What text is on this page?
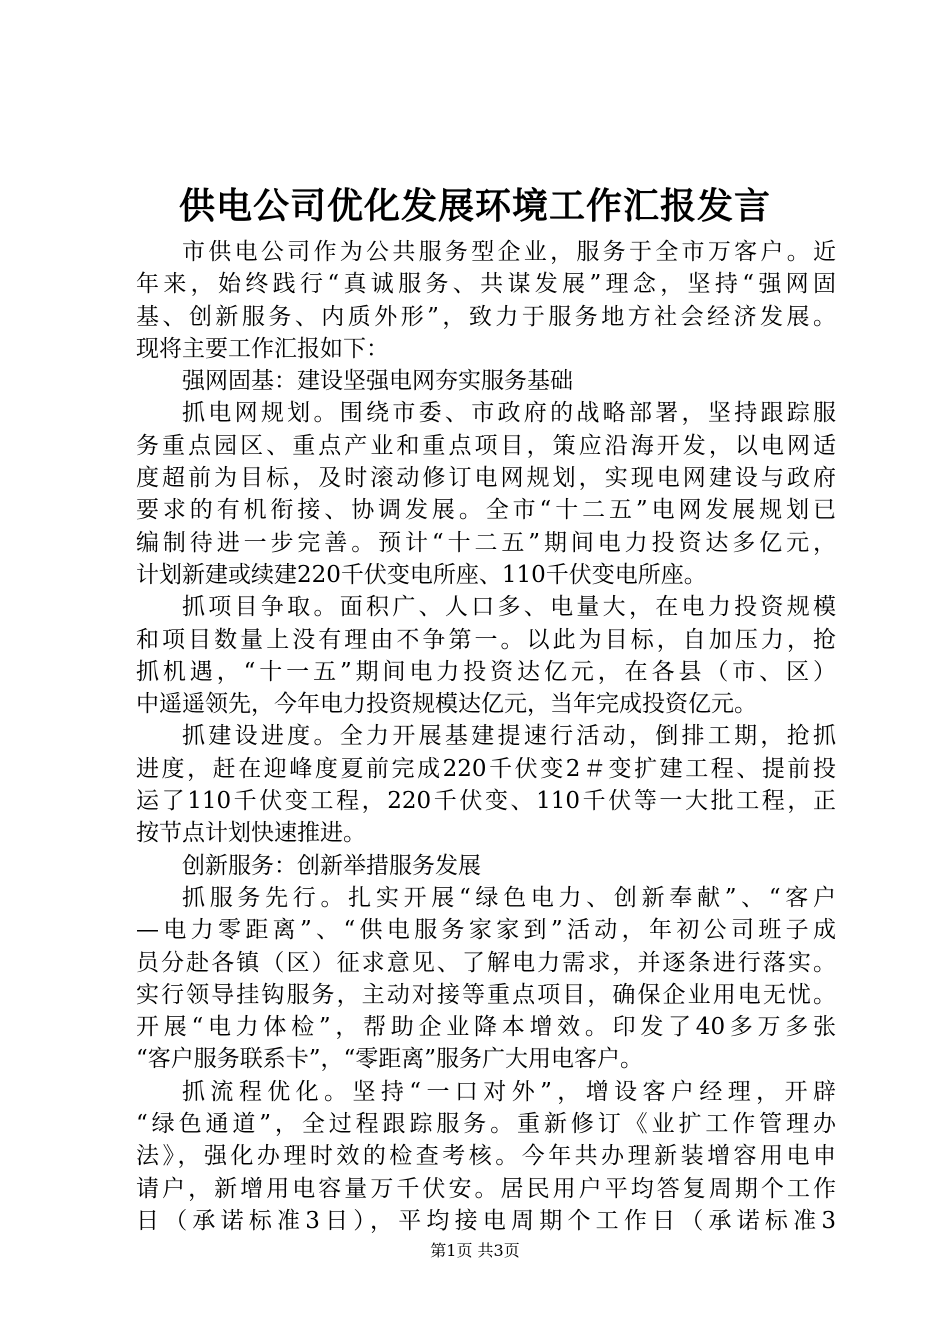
供电公司优化发展环境工作汇报发言
市供电公司作为公共服务型企业，服务于全市万客户。近
年来，始终践行“真诚服务、共谋发展”理念，坚持“强网固
基、创新服务、内质外形”，致力于服务地方社会经济发展。
现将主要工作汇报如下：
强网固基：建设坚强电网夯实服务基础
抓电网规划。围绕市委、市政府的战略部署，坚持跟踪服
务重点园区、重点产业和重点项目，策应沿海开发，以电网适
度超前为目标，及时滚动修订电网规划，实现电网建设与政府
要求的有机衔接、协调发展。全市“十二五”电网发展规划已
编制待进一步完善。预计“十二五”期间电力投资达多亿元，
计划新建或续建220千伏变电所座、110千伏变电所座。
抓项目争取。面积广、人口多、电量大，在电力投资规模
和项目数量上没有理由不争第一。以此为目标，自加压力，抢
抓机遇，“十一五”期间电力投资达亿元，在各县（市、区）
中遥遥领先，今年电力投资规模达亿元，当年完成投资亿元。
抓建设进度。全力开展基建提速行活动，倒排工期，抢抓
进度，赶在迎峰度夏前完成220千伏变2＃变扩建工程、提前投
运了110千伏变工程，220千伏变、110千伏等一大批工程，正
按节点计划快速推进。
创新服务：创新举措服务发展
抓服务先行。扎实开展“绿色电力、创新奉献”、“客户
—电力零距离”、“供电服务家家到”活动，年初公司班子成
员分赴各镇（区）征求意见、了解电力需求，并逐条进行落实。
实行领导挂钩服务，主动对接等重点项目，确保企业用电无忧。
开展“电力体检”，帮助企业降本增效。印发了40多万多张
“客户服务联系卡”，“零距离”服务广大用电客户。
抓流程优化。坚持“一口对外”，增设客户经理，开辟
“绿色通道”，全过程跟踪服务。重新修订《业扩工作管理办
法》，强化办理时效的检查考核。今年共办理新装增容用电申
请户，新增用电容量万千伏安。居民用户平均答复周期个工作
日（承诺标准3日），平均接电周期个工作日（承诺标准3
第1页 共3页
